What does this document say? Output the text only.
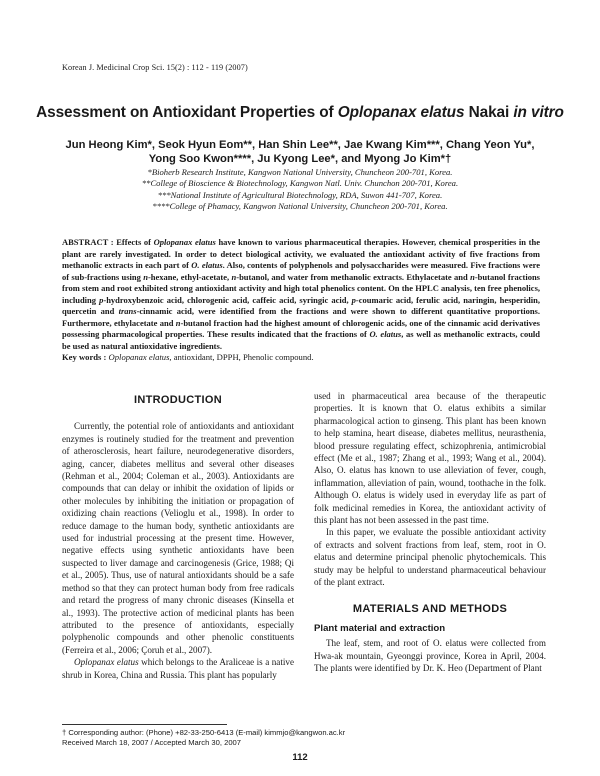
Korean J. Medicinal Crop Sci. 15(2) : 112 - 119 (2007)
Assessment on Antioxidant Properties of Oplopanax elatus Nakai in vitro

Jun Heong Kim*, Seok Hyun Eom**, Han Shin Lee**, Jae Kwang Kim***, Chang Yeon Yu*,

Yong Soo Kwon****, Ju Kyong Lee*, and Myong Jo Kim*†

*Bioherb Research Institute, Kangwon National University, Chuncheon 200-701, Korea.

**College of Bioscience & Biotechnology, Kangwon Natl. Univ. Chunchon 200-701, Korea.

***National Institute of Agricultural Biotechnology, RDA, Suwon 441-707, Korea.

****College of Phamacy, Kangwon National University, Chuncheon 200-701, Korea.

ABSTRACT : Effects of Oplopanax elatus have known to various pharmaceutical therapies. However, chemical prosperities in the plant are rarely investigated. In order to detect biological activity, we evaluated the antioxidant activity of five fractions from methanolic extracts in each part of O. elatus. Also, contents of polyphenols and polysaccharides were measured. Five fractions were of sub-fractions using n-hexane, ethyl-acetate, n-butanol, and water from methanolic extracts. Ethylacetate and n-butanol fractions from stem and root exhibited strong antioxidant activity and high total phenolics content. On the HPLC analysis, ten free phenolics, including p-hydroxybenzoic acid, chlorogenic acid, caffeic acid, syringic acid, p-coumaric acid, ferulic acid, naringin, hesperidin, quercetin and trans-cinnamic acid, were identified from the fractions and were shown to different quantitative proportions. Furthermore, ethylacetate and n-butanol fraction had the highest amount of chlorogenic acids, one of the cinnamic acid derivatives possessing pharmacological properties. These results indicated that the fractions of O. elatus, as well as methanolic extracts, could be used as natural antioxidative ingredients.

Key words : Oplopanax elatus, antioxidant, DPPH, Phenolic compound.
INTRODUCTION

Currently, the potential role of antioxidants and antioxidant enzymes is routinely studied for the treatment and prevention of atherosclerosis, heart failure, neurodegenerative disorders, aging, cancer, diabetes mellitus and several other diseases (Rehman et al., 2004; Coleman et al., 2003). Antioxidants are compounds that can delay or inhibit the oxidation of lipids or other molecules by inhibiting the initiation or propagation of oxidizing chain reactions (Velioglu et al., 1998). In order to reduce damage to the human body, synthetic antioxidants are used for industrial processing at the present time. However, negative effects using synthetic antioxidants have been suspected to liver damage and carcinogenesis (Grice, 1988; Qi et al., 2005). Thus, use of natural antioxidants should be a safe method so that they can protect human body from free radicals and retard the progress of many chronic diseases (Kinsella et al., 1993). The protective action of medicinal plants has been attributed to the presence of antioxidants, especially polyphenolic compounds and other phenolic constituents (Ferreira et al., 2006; Çoruh et al., 2007).

Oplopanax elatus which belongs to the Araliceae is a native shrub in Korea, China and Russia. This plant has popularly

used in pharmaceutical area because of the therapeutic properties. It is known that O. elatus exhibits a similar pharmacological action to ginseng. This plant has been known to help stamina, heart disease, diabetes mellitus, neurasthenia, blood pressure regulating effect, schizophrenia, antimicrobial effect (Me et al., 1987; Zhang et al., 1993; Wang et al., 2004). Also, O. elatus has known to use alleviation of fever, cough, inflammation, alleviation of pain, wound, toothache in the folk. Although O. elatus is widely used in everyday life as part of folk medicinal remedies in Korea, the antioxidant activity of this plant has not been assessed in the past time.

In this paper, we evaluate the possible antioxidant activity of extracts and solvent fractions from leaf, stem, root in O. elatus and determine principal phenolic phytochemicals. This study may be helpful to understand pharmaceutical behaviour of the plant extract.

MATERIALS AND METHODS
Plant material and extraction

The leaf, stem, and root of O. elatus were collected from Hwa-ak mountain, Gyeonggi province, Korea in April, 2004. The plants were identified by Dr. K. Heo (Department of Plant

† Corresponding author: (Phone) +82-33-250-6413 (E-mail) kimmjo@kangwon.ac.kr

Received March 18, 2007 / Accepted March 30, 2007

112
